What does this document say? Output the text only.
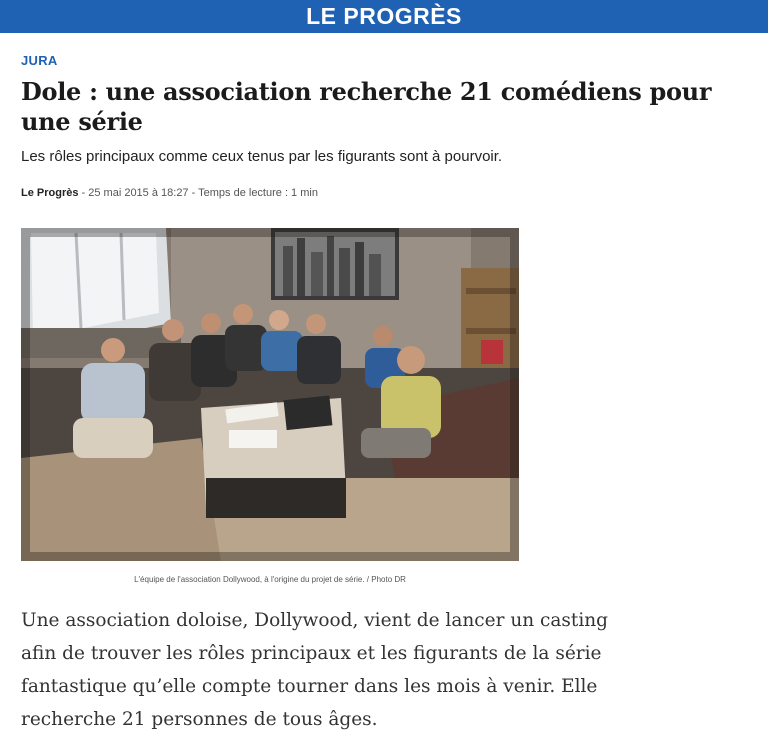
LE PROGRÈS
JURA
Dole : une association recherche 21 comédiens pour une série
Les rôles principaux comme ceux tenus par les figurants sont à pourvoir.
Le Progrès - 25 mai 2015 à 18:27 - Temps de lecture : 1 min
L'équipe de l'association Dollywood, à l'origine du projet de série. / Photo DR

Une association doloise, Dollywood, vient de lancer un casting afin de trouver les rôles principaux et les figurants de la série fantastique qu’elle compte tourner dans les mois à venir. Elle recherche 21 personnes de tous âges.
